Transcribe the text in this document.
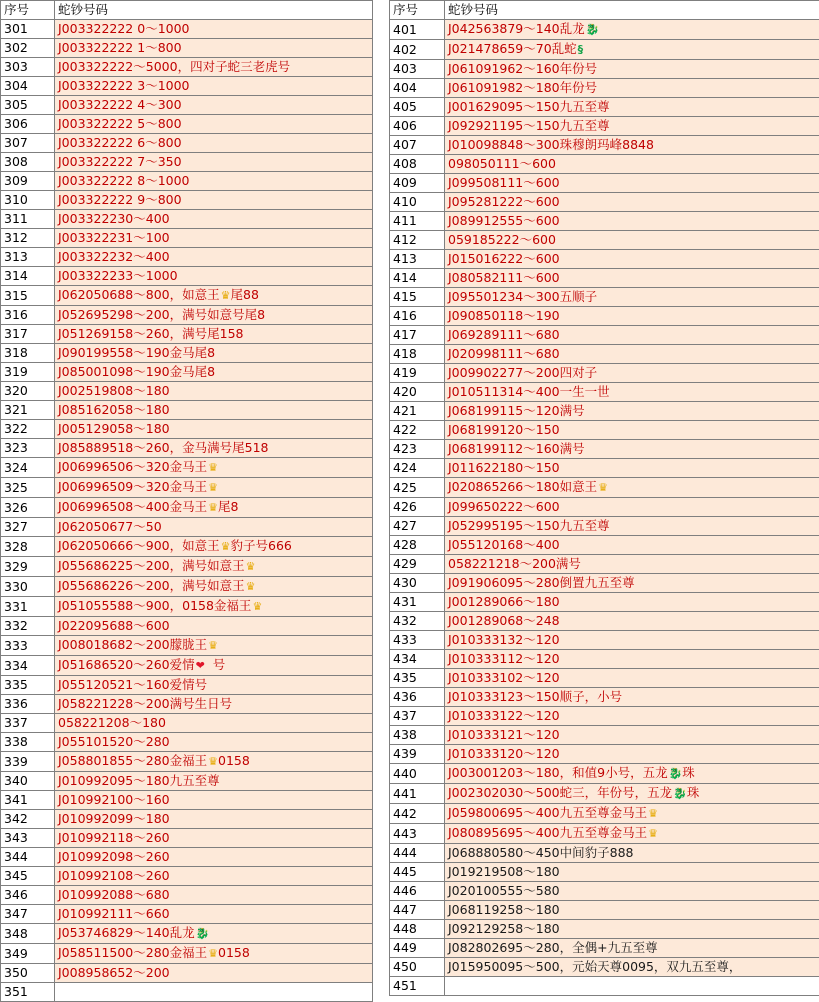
序号	蛇钞号码
301	J003322222 0～1000
302	J003322222 1～800
303	J003322222～5000，四对子蛇三老虎号
304	J003322222 3～1000
305	J003322222 4～300
306	J003322222 5～800
307	J003322222 6～800
308	J003322222 7～350
309	J003322222 8～1000
310	J003322222 9～800
311	J003322230～400
312	J003322231～100
313	J003322232～400
314	J003322233～1000
315	J062050688～800，如意王♛尾88
316	J052695298～200，满号如意号尾8
317	J051269158～260，满号尾158
318	J090199558～190金马尾8
319	J085001098～190金马尾8
320	J002519808～180
321	J085162058～180
322	J005129058～180
323	J085889518～260，金马满号尾518
324	J006996506～320金马王♛
325	J006996509～320金马王♛
326	J006996508～400金马王♛尾8
327	J062050677～50
328	J062050666～900，如意王♛豹子号666
329	J055686225～200，满号如意王♛
330	J055686226～200，满号如意王♛
331	J051055588～900，0158金福王♛
332	J022095688～600
333	J008018682～200朦胧王♛
334	J051686520～260爱情❤  号
335	J055120521～160爱情号
336	J058221228～200满号生日号
337	058221208～180
338	J055101520～280
339	J058801855～280金福王♛0158
340	J010992095～180九五至尊
341	J010992100～160
342	J010992099～180
343	J010992118～260
344	J010992098～260
345	J010992108～260
346	J010992088～680
347	J010992111～660
348	J053746829～140乱龙🐉
349	J058511500～280金福王♛0158
350	J008958652～200
351	
序号	蛇钞号码
401	J042563879～140乱龙🐉
402	J021478659～70乱蛇§
403	J061091962～160年份号
404	J061091982～180年份号
405	J001629095～150九五至尊
406	J092921195～150九五至尊
407	J010098848～300珠穆朗玛峰8848
408	098050111～600
409	J099508111～600
410	J095281222～600
411	J089912555～600
412	059185222～600
413	J015016222～600
414	J080582111～600
415	J095501234～300五顺子
416	J090850118～190
417	J069289111～680
418	J020998111～680
419	J009902277～200四对子
420	J010511314～400一生一世
421	J068199115～120满号
422	J068199120～150
423	J068199112～160满号
424	J011622180～150
425	J020865266～180如意王♛
426	J099650222～600
427	J052995195～150九五至尊
428	J055120168～400
429	058221218～200满号
430	J091906095～280倒置九五至尊
431	J001289066～180
432	J001289068～248
433	J010333132～120
434	J010333112～120
435	J010333102～120
436	J010333123～150顺子，小号
437	J010333122～120
438	J010333121～120
439	J010333120～120
440	J003001203～180，和值9小号，五龙🐉珠
441	J002302030～500蛇三，年份号，五龙🐉珠
442	J059800695～400九五至尊金马王♛
443	J080895695～400九五至尊金马王♛
444	J068880580～450中间豹子888
445	J019219508～180
446	J020100555～580
447	J068119258～180
448	J092129258～180
449	J082802695～280，全偶+九五至尊
450	J015950095～500，元始天尊0095，双九五至尊，
451	
